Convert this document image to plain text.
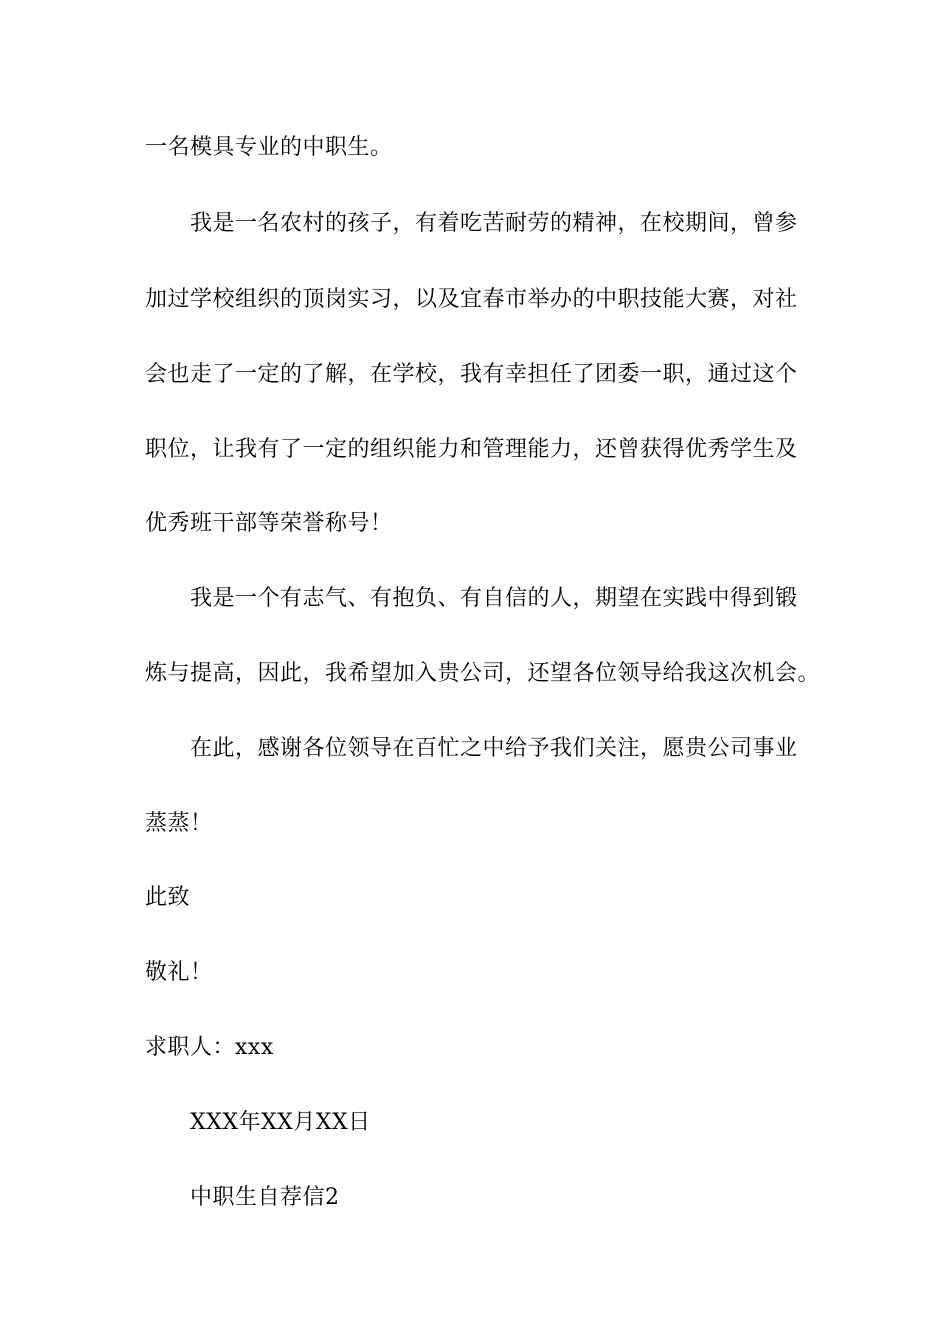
一名模具专业的中职生。
我是一名农村的孩子，有着吃苦耐劳的精神，在校期间，曾参
加过学校组织的顶岗实习，以及宜春市举办的中职技能大赛，对社
会也走了一定的了解，在学校，我有幸担任了团委一职，通过这个
职位，让我有了一定的组织能力和管理能力，还曾获得优秀学生及
优秀班干部等荣誉称号！
我是一个有志气、有抱负、有自信的人，期望在实践中得到锻
炼与提高，因此，我希望加入贵公司，还望各位领导给我这次机会。
在此，感谢各位领导在百忙之中给予我们关注，愿贵公司事业
蒸蒸！
此致
敬礼！
求职人：xxx
XXX年XX月XX日
中职生自荐信2
